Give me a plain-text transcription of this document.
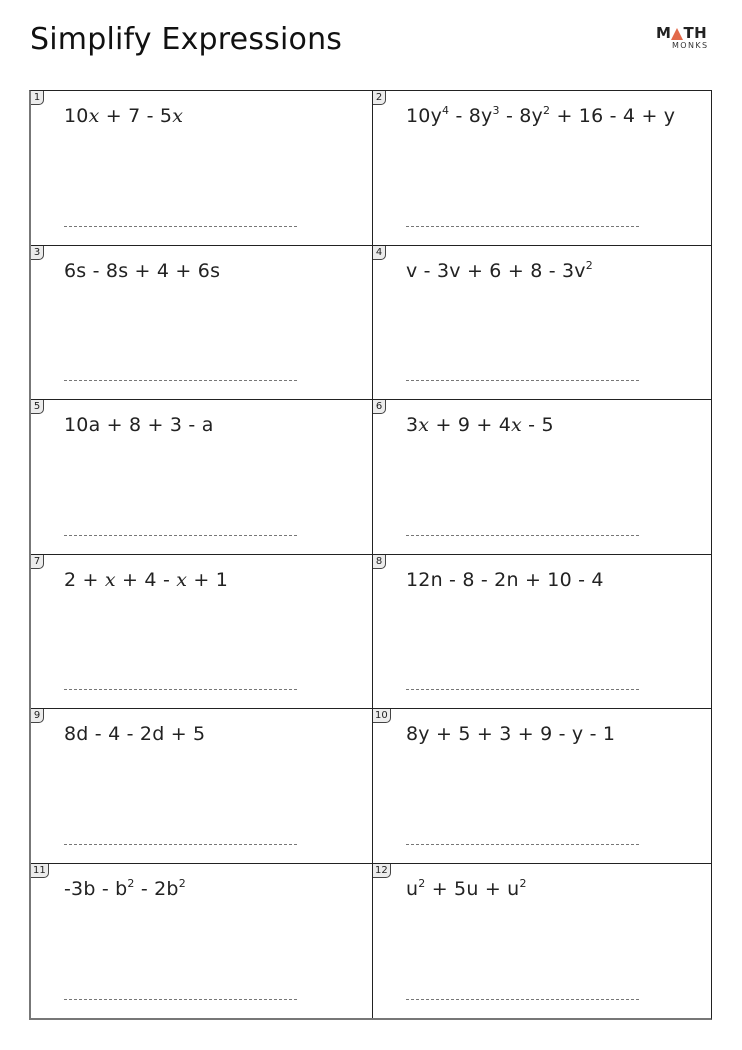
Simplify Expressions	M TH
MONKS
1
10x + 7 - 5x
2
$10y^4 - 8y^3 - 8y^2 + 16 - 4 + y$
3
6s - 8s + 4 + 6s
4
$v - 3v + 6 + 8 - 3v^2$
5
10a + 8 + 3 - a
6
3x + 9 + 4x - 5
7
2 + x + 4 - x + 1
8
12n - 8 - 2n + 10 - 4
9
8d - 4 - 2d + 5
10
8y + 5 + 3 + 9 - y - 1
11
$-3b - b^2 - 2b^2$
12
$u^2 + 5u + u^2$
